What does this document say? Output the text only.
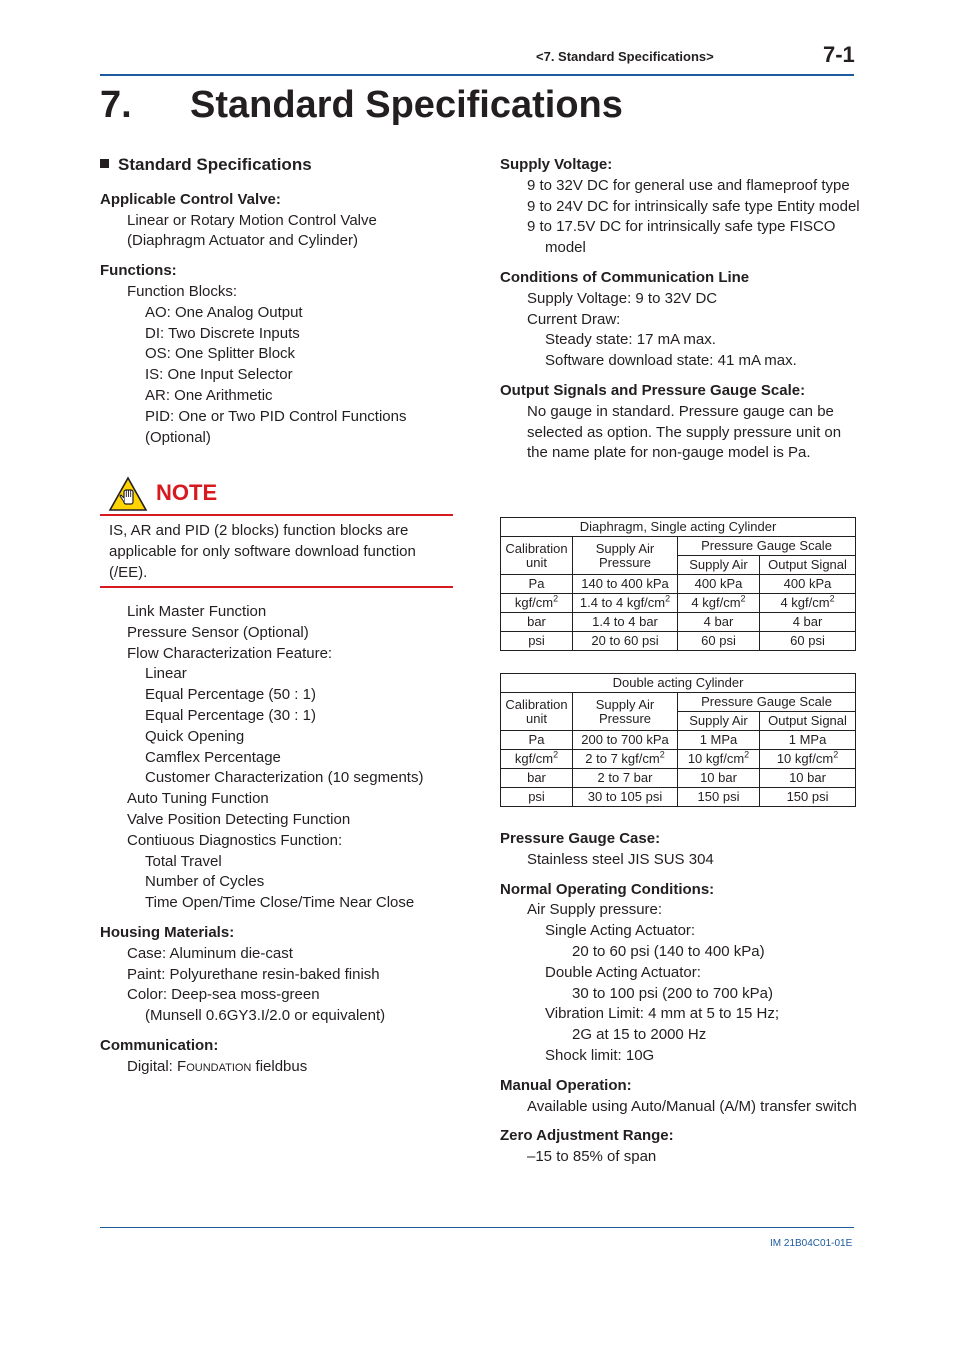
<7. Standard Specifications>	7-1
7. Standard Specifications

Standard Specifications

Applicable Control Valve:

Linear or Rotary Motion Control Valve

(Diaphragm Actuator and Cylinder)

Functions:

Function Blocks:

AO: One Analog Output

DI: Two Discrete Inputs

OS: One Splitter Block

IS: One Input Selector

AR: One Arithmetic

PID: One or Two PID Control Functions

(Optional)

NOTE
IS, AR and PID (2 blocks) function blocks are applicable for only software download function (/EE).

Link Master Function

Pressure Sensor (Optional)

Flow Characterization Feature:

Linear

Equal Percentage (50 : 1)

Equal Percentage (30 : 1)

Quick Opening

Camflex Percentage

Customer Characterization (10 segments)

Auto Tuning Function

Valve Position Detecting Function

Contiuous Diagnostics Function:

Total Travel

Number of Cycles

Time Open/Time Close/Time Near Close

Housing Materials:

Case: Aluminum die-cast

Paint: Polyurethane resin-baked finish

Color: Deep-sea moss-green

(Munsell 0.6GY3.I/2.0 or equivalent)

Communication:

Digital: FOUNDATION fieldbus

Supply Voltage:

9 to 32V DC for general use and flameproof type

9 to 24V DC for intrinsically safe type Entity model

9 to 17.5V DC for intrinsically safe type FISCO model

Conditions of Communication Line

Supply Voltage: 9 to 32V DC

Current Draw:

Steady state: 17 mA max.

Software download state: 41 mA max.

Output Signals and Pressure Gauge Scale:

No gauge in standard. Pressure gauge can be selected as option. The supply pressure unit on the name plate for non-gauge model is Pa.

Diaphragm, Single acting Cylinder			
Calibration unit	Supply Air Pressure	Pressure Gauge Scale	
		Supply Air	Output Signal
Pa	140 to 400 kPa	400 kPa	400 kPa
kgf/$cm^2$	1.4 to 4 kgf/$cm^2$	4 kgf/$cm^2$	4 kgf/$cm^2$
bar	1.4 to 4 bar	4 bar	4 bar
psi	20 to 60 psi	60 psi	60 psi
Double acting Cylinder			
Calibration unit	Supply Air Pressure	Pressure Gauge Scale	
		Supply Air	Output Signal
Pa	200 to 700 kPa	1 MPa	1 MPa
kgf/$cm^2$	2 to 7 kgf/$cm^2$	10 kgf/$cm^2$	10 kgf/$cm^2$
bar	2 to 7 bar	10 bar	10 bar
psi	30 to 105 psi	150 psi	150 psi

Pressure Gauge Case:

Stainless steel JIS SUS 304

Normal Operating Conditions:

Air Supply pressure:

Single Acting Actuator:

20 to 60 psi (140 to 400 kPa)

Double Acting Actuator:

30 to 100 psi (200 to 700 kPa)

Vibration Limit: 4 mm at 5 to 15 Hz;

2G at 15 to 2000 Hz

Shock limit: 10G

Manual Operation:

Available using Auto/Manual (A/M) transfer switch

Zero Adjustment Range:

–15 to 85% of span

IM 21B04C01-01E
